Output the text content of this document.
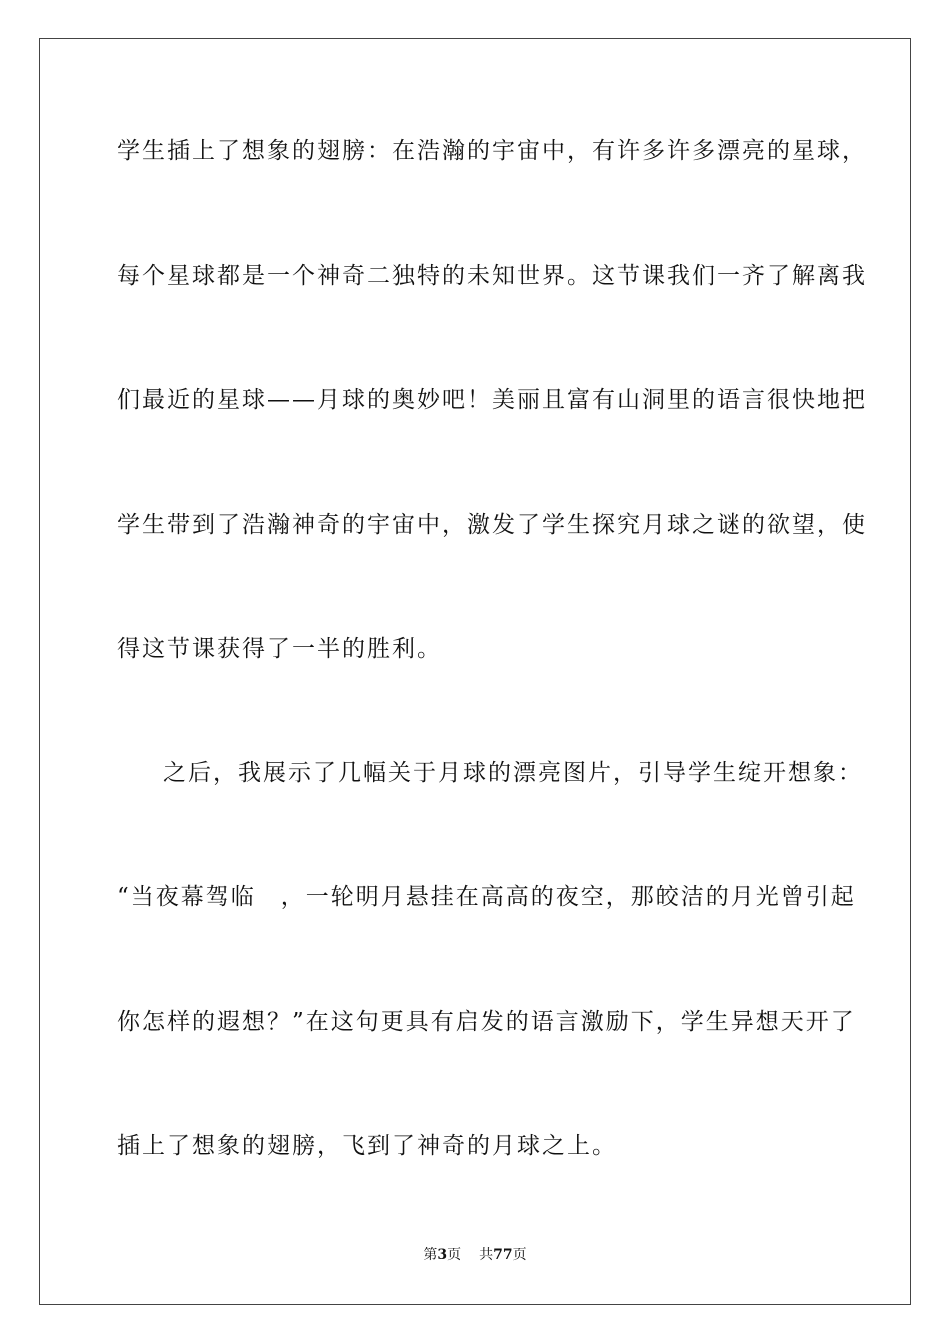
学生插上了想象的翅膀：在浩瀚的宇宙中，有许多许多漂亮的星球，
每个星球都是一个神奇二独特的未知世界。这节课我们一齐了解离我
们最近的星球——月球的奥妙吧！美丽且富有山洞里的语言很快地把
学生带到了浩瀚神奇的宇宙中，激发了学生探究月球之谜的欲望，使
得这节课获得了一半的胜利。
之后，我展示了几幅关于月球的漂亮图片，引导学生绽开想象：
“当夜幕驾临　，一轮明月悬挂在高高的夜空，那皎洁的月光曾引起
你怎样的遐想？”在这句更具有启发的语言激励下，学生异想天开了
插上了想象的翅膀，飞到了神奇的月球之上。
第3页 共77页
